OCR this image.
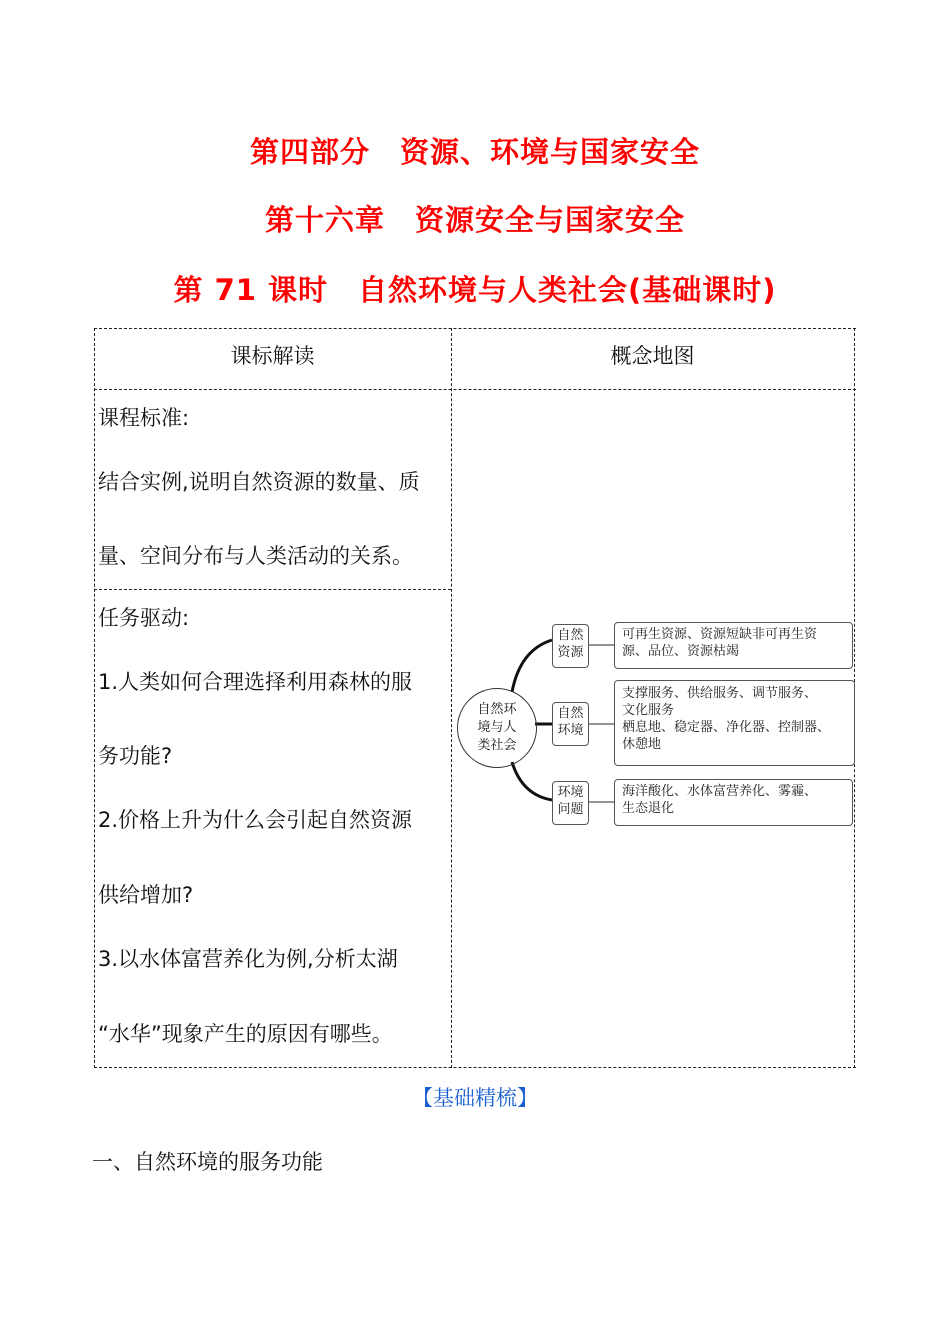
第四部分　资源、环境与国家安全
第十六章　资源安全与国家安全
第 71 课时　自然环境与人类社会(基础课时)
课标解读	概念地图
课程标准:
结合实例,说明自然资源的数量、质
量、空间分布与人类活动的关系。
任务驱动:
1.人类如何合理选择利用森林的服
务功能?
2.价格上升为什么会引起自然资源
供给增加?
3.以水体富营养化为例,分析太湖
“水华”现象产生的原因有哪些。
自然环
境与人
类社会
自然
资源
可再生资源、资源短缺非可再生资
源、品位、资源枯竭
自然
环境
支撑服务、供给服务、调节服务、
文化服务
栖息地、稳定器、净化器、控制器、
休憩地
环境
问题
海洋酸化、水体富营养化、雾霾、
生态退化
【基础精梳】
一、自然环境的服务功能
